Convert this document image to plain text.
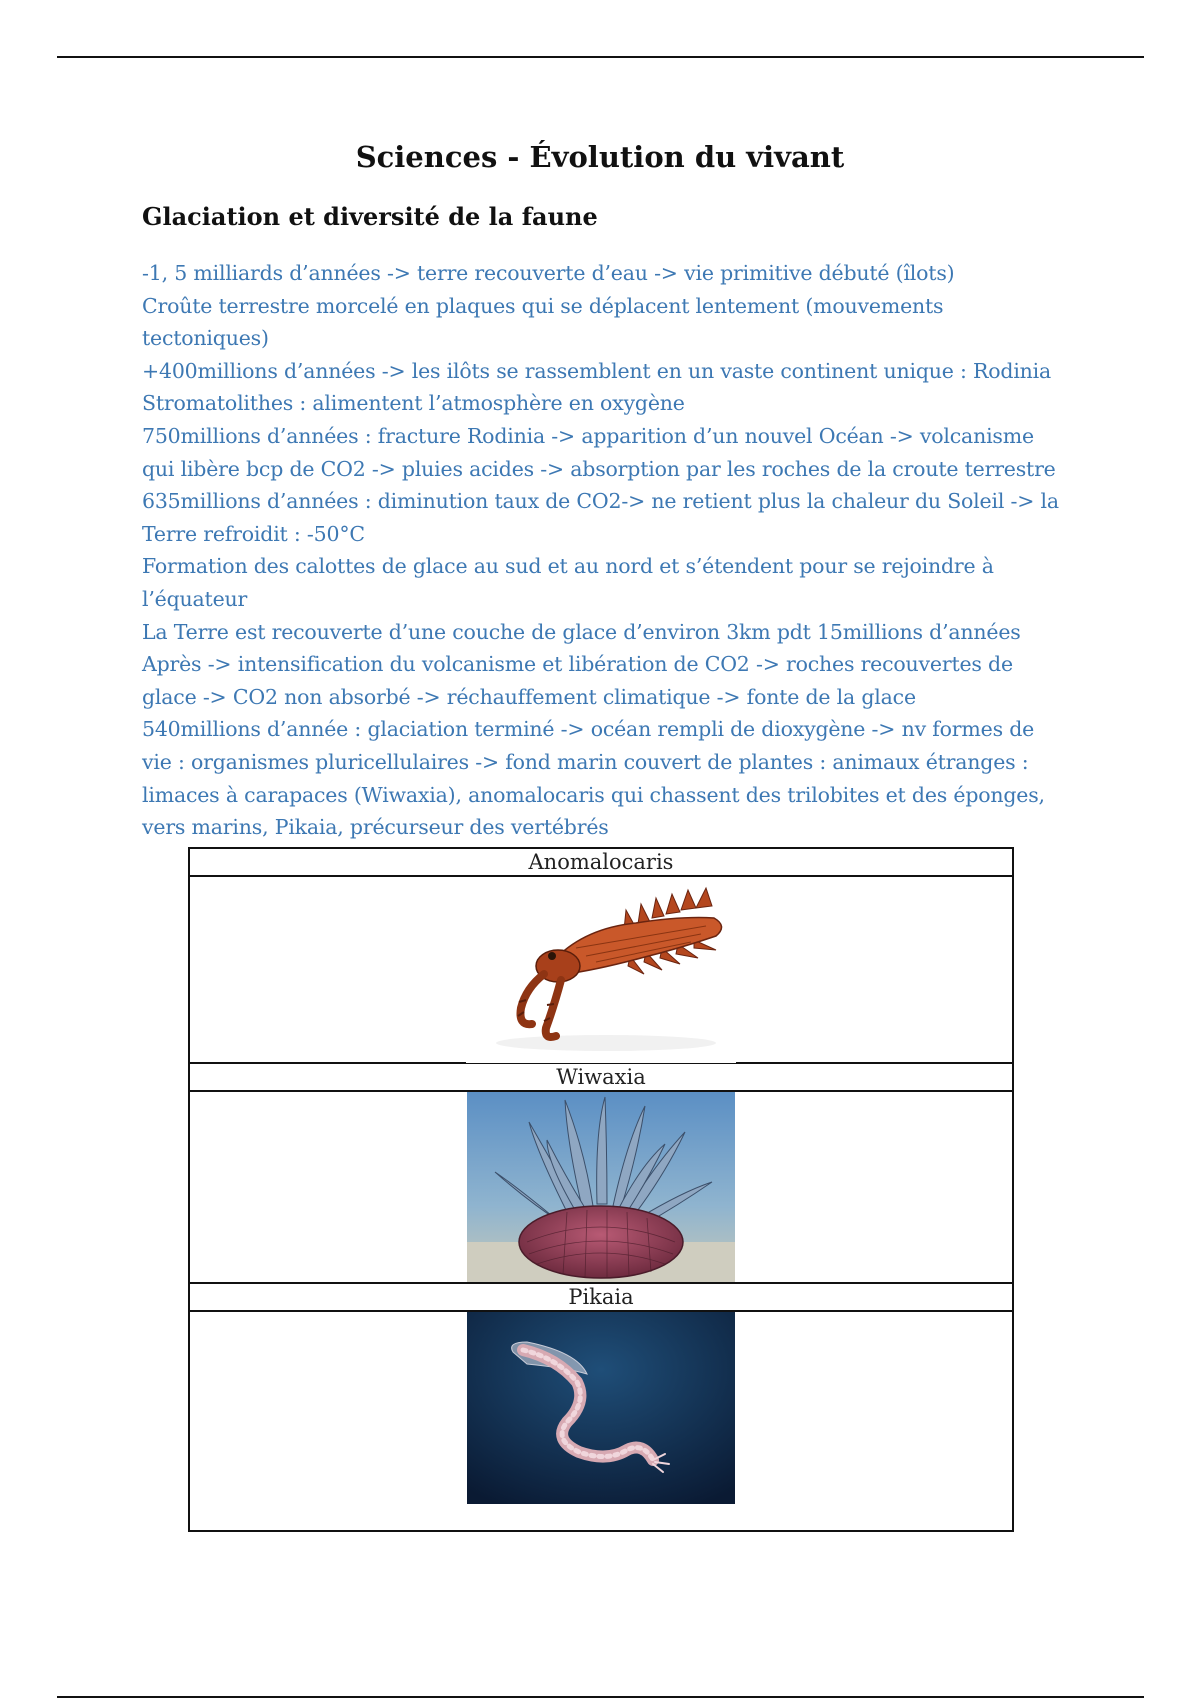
Sciences - Évolution du vivant
Glaciation et diversité de la faune
-1, 5 milliards d’années -> terre recouverte d’eau -> vie primitive débuté (îlots)
Croûte terrestre morcelé en plaques qui se déplacent lentement (mouvements tectoniques)
+400millions d’années -> les ilôts se rassemblent en un vaste continent unique : Rodinia
Stromatolithes : alimentent l’atmosphère en oxygène
750millions d’années : fracture Rodinia -> apparition d’un nouvel Océan -> volcanisme qui libère bcp de CO2 -> pluies acides -> absorption par les roches de la croute terrestre
635millions d’années : diminution taux de CO2-> ne retient plus la chaleur du Soleil -> la Terre refroidit : -50°C
Formation des calottes de glace au sud et au nord et s’étendent pour se rejoindre à l’équateur
La Terre est recouverte d’une couche de glace d’environ 3km pdt 15millions d’années
Après -> intensification du volcanisme et libération de CO2 -> roches recouvertes de glace -> CO2 non absorbé -> réchauffement climatique -> fonte de la glace
540millions d’année : glaciation terminé -> océan rempli de dioxygène -> nv formes de vie : organismes pluricellulaires -> fond marin couvert de plantes : animaux étranges : limaces à carapaces (Wiwaxia), anomalocaris qui chassent des trilobites et des éponges, vers marins, Pikaia, précurseur des vertébrés
Anomalocaris

Wiwaxia

Pikaia
